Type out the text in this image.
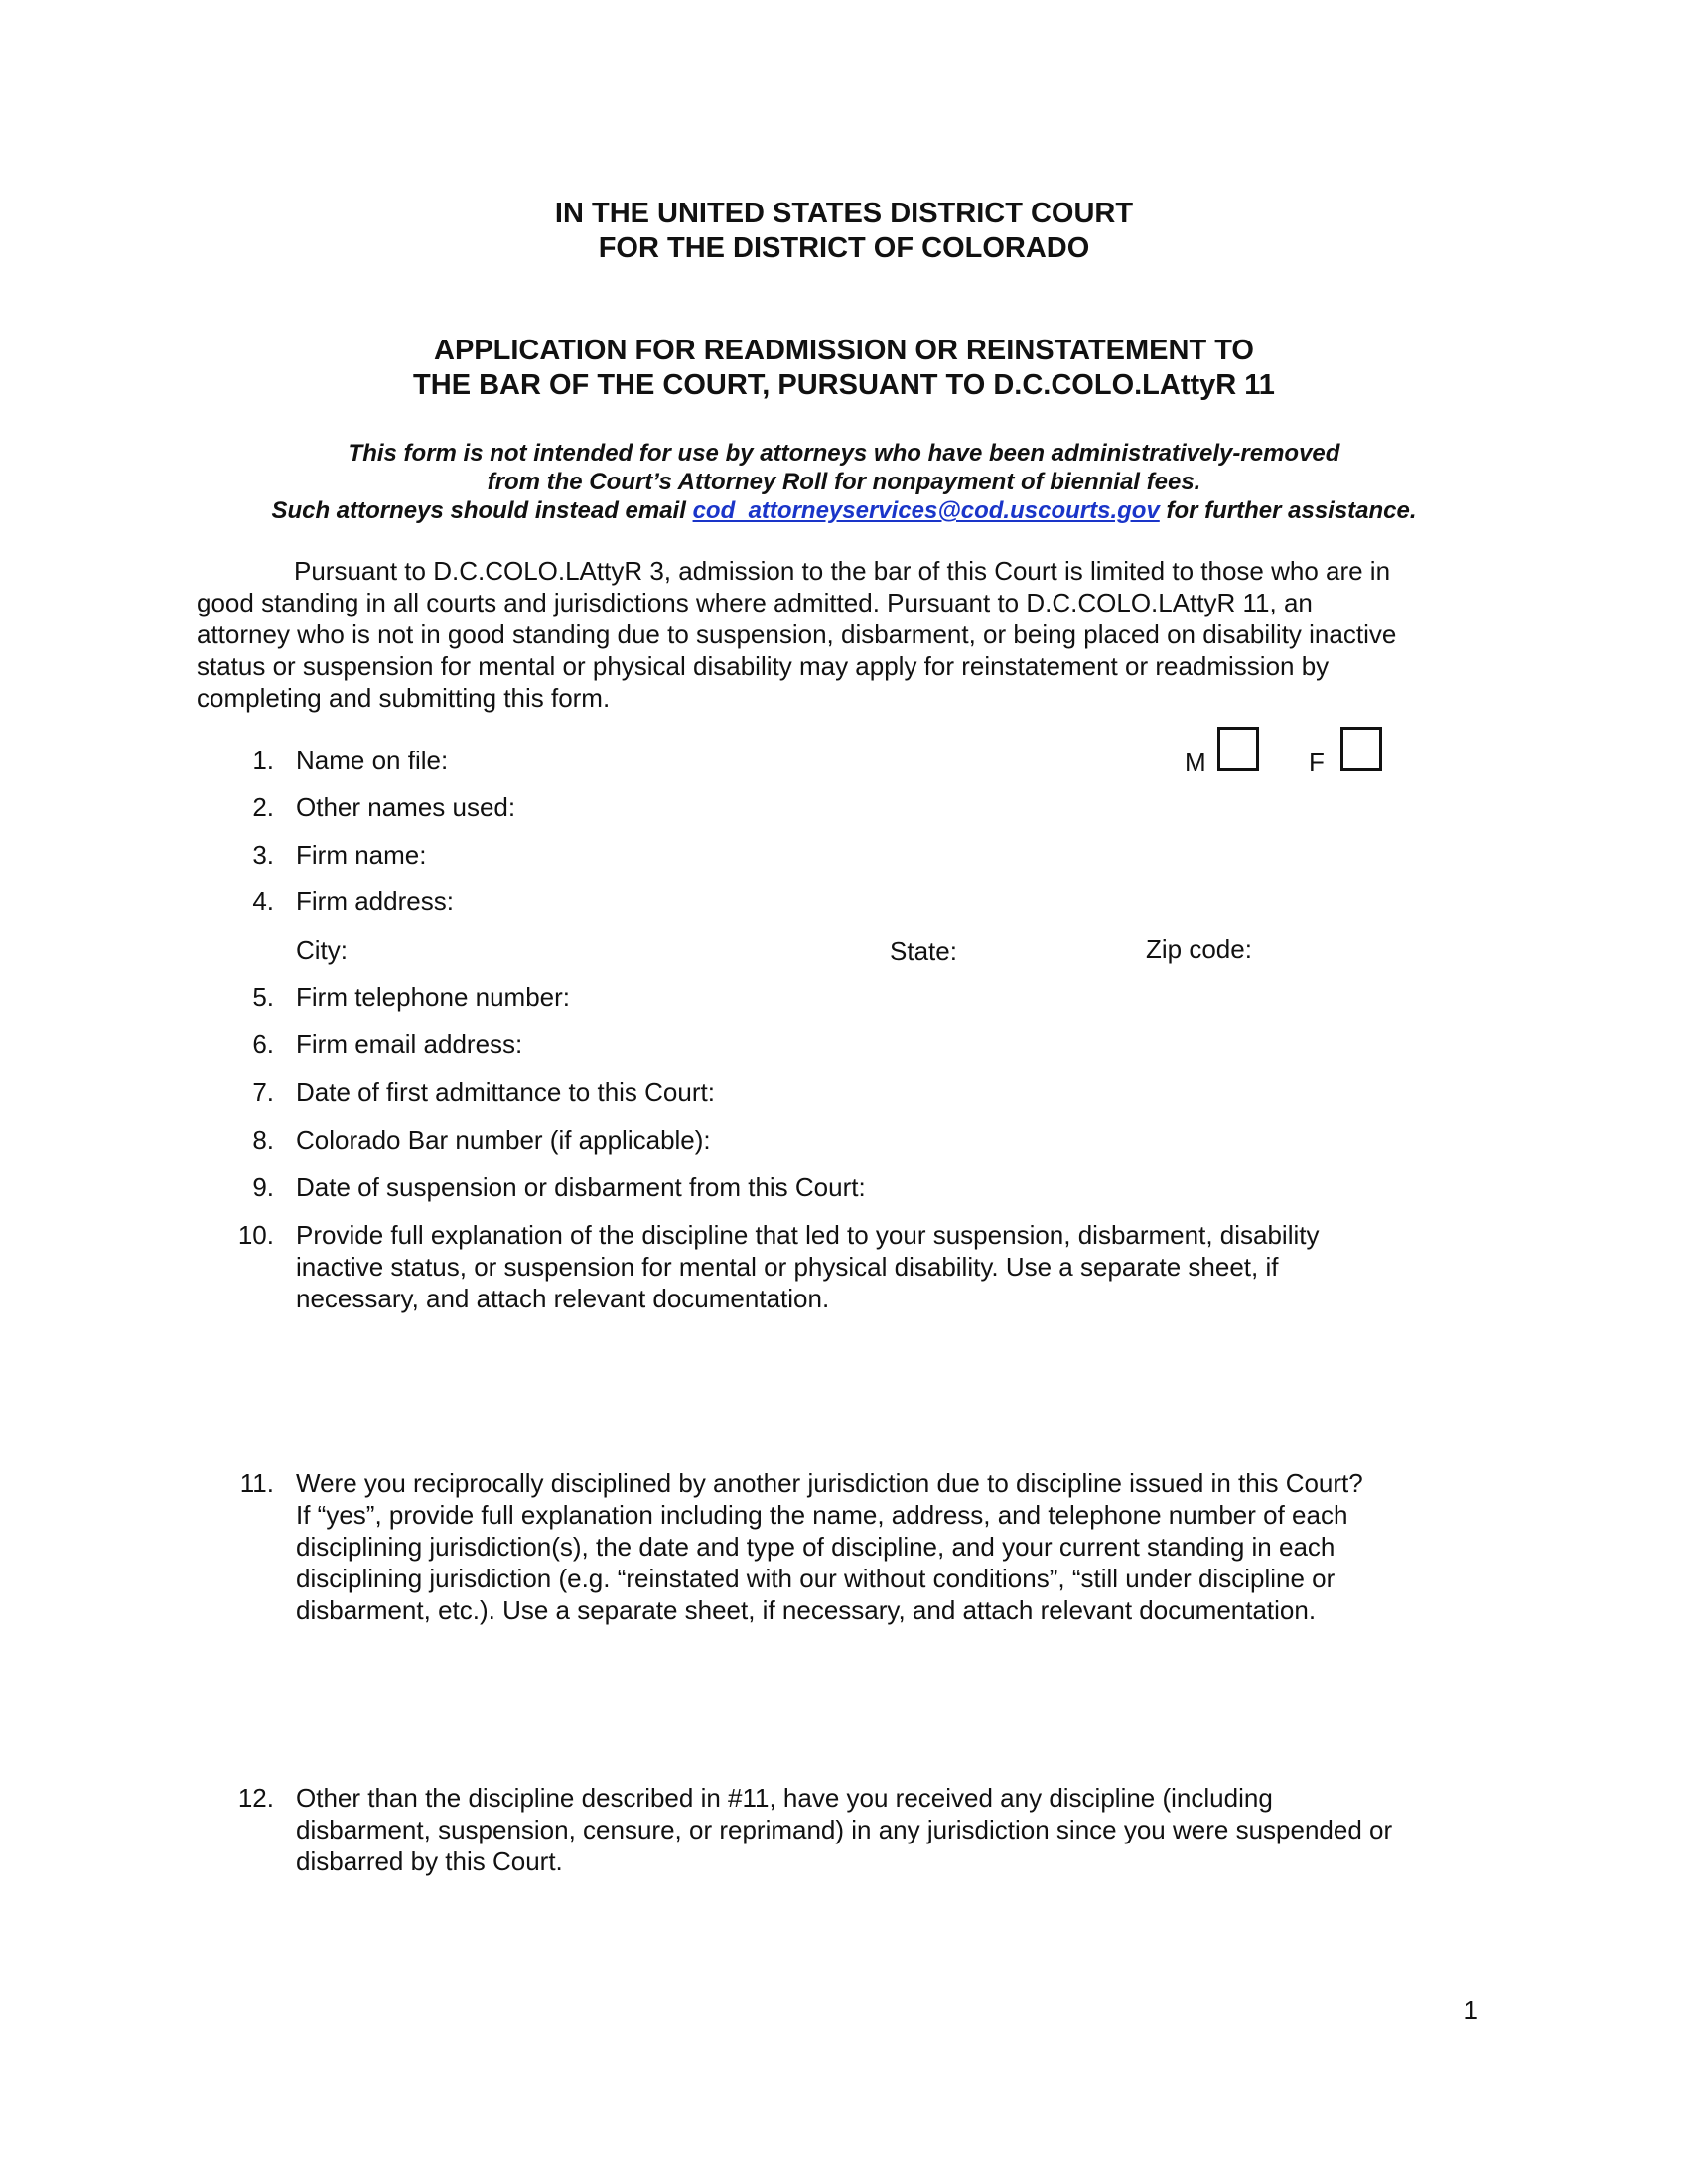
IN THE UNITED STATES DISTRICT COURT
FOR THE DISTRICT OF COLORADO
APPLICATION FOR READMISSION OR REINSTATEMENT TO
THE BAR OF THE COURT, PURSUANT TO D.C.COLO.LAttyR 11
This form is not intended for use by attorneys who have been administratively-removed
from the Court’s Attorney Roll for nonpayment of biennial fees.
Such attorneys should instead email cod_attorneyservices@cod.uscourts.gov for further assistance.
Pursuant to D.C.COLO.LAttyR 3, admission to the bar of this Court is limited to those who are in
good standing in all courts and jurisdictions where admitted. Pursuant to D.C.COLO.LAttyR 11, an
attorney who is not in good standing due to suspension, disbarment, or being placed on disability inactive
status or suspension for mental or physical disability may apply for reinstatement or readmission by
completing and submitting this form.
1. Name on file:	M	F
2. Other names used:
3. Firm name:
4. Firm address:
City:	State:	Zip code:
5. Firm telephone number:
6. Firm email address:
7. Date of first admittance to this Court:
8. Colorado Bar number (if applicable):
9. Date of suspension or disbarment from this Court:
10. Provide full explanation of the discipline that led to your suspension, disbarment, disability
inactive status, or suspension for mental or physical disability. Use a separate sheet, if
necessary, and attach relevant documentation.
11. Were you reciprocally disciplined by another jurisdiction due to discipline issued in this Court?
If “yes”, provide full explanation including the name, address, and telephone number of each
disciplining jurisdiction(s), the date and type of discipline, and your current standing in each
disciplining jurisdiction (e.g. “reinstated with our without conditions”, “still under discipline or
disbarment, etc.). Use a separate sheet, if necessary, and attach relevant documentation.
12. Other than the discipline described in #11, have you received any discipline (including
disbarment, suspension, censure, or reprimand) in any jurisdiction since you were suspended or
disbarred by this Court.
1
